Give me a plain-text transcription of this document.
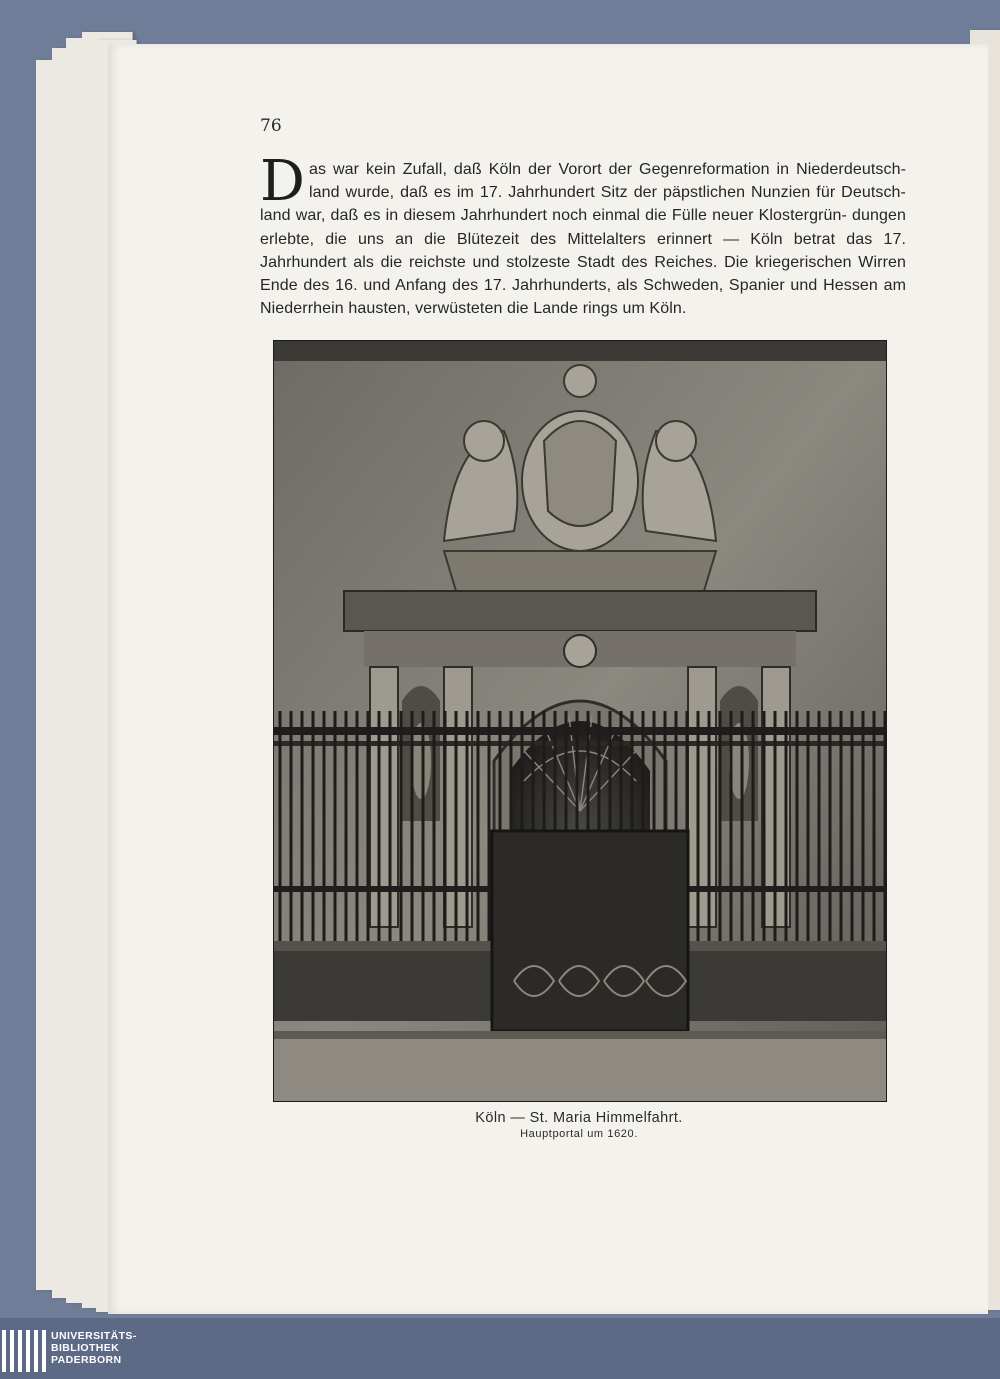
76
D as war kein Zufall, daß Köln der Vorort der Gegenreformation in Niederdeutsch- land wurde, daß es im 17. Jahrhundert Sitz der päpstlichen Nunzien für Deutsch- land war, daß es in diesem Jahrhundert noch einmal die Fülle neuer Klostergrün- dungen erlebte, die uns an die Blütezeit des Mittelalters erinnert — Köln betrat das 17. Jahrhundert als die reichste und stolzeste Stadt des Reiches. Die kriegerischen Wirren Ende des 16. und Anfang des 17. Jahrhunderts, als Schweden, Spanier und Hessen am Niederrhein hausten, verwüsteten die Lande rings um Köln.
Köln — St. Maria Himmelfahrt.
Hauptportal um 1620.
UNIVERSITÄTS-
BIBLIOTHEK
PADERBORN
